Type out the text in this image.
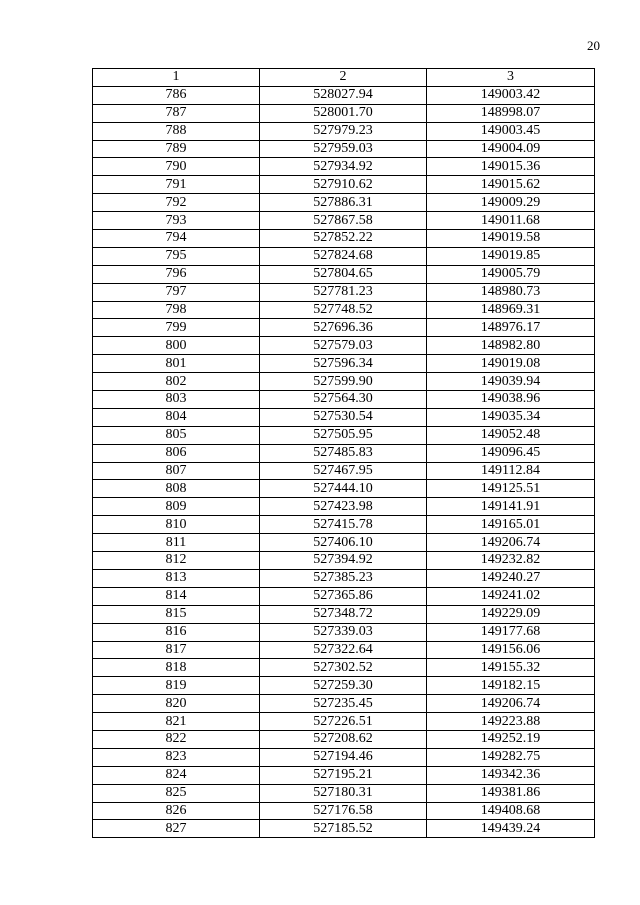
20
1	2	3
786	528027.94	149003.42
787	528001.70	148998.07
788	527979.23	149003.45
789	527959.03	149004.09
790	527934.92	149015.36
791	527910.62	149015.62
792	527886.31	149009.29
793	527867.58	149011.68
794	527852.22	149019.58
795	527824.68	149019.85
796	527804.65	149005.79
797	527781.23	148980.73
798	527748.52	148969.31
799	527696.36	148976.17
800	527579.03	148982.80
801	527596.34	149019.08
802	527599.90	149039.94
803	527564.30	149038.96
804	527530.54	149035.34
805	527505.95	149052.48
806	527485.83	149096.45
807	527467.95	149112.84
808	527444.10	149125.51
809	527423.98	149141.91
810	527415.78	149165.01
811	527406.10	149206.74
812	527394.92	149232.82
813	527385.23	149240.27
814	527365.86	149241.02
815	527348.72	149229.09
816	527339.03	149177.68
817	527322.64	149156.06
818	527302.52	149155.32
819	527259.30	149182.15
820	527235.45	149206.74
821	527226.51	149223.88
822	527208.62	149252.19
823	527194.46	149282.75
824	527195.21	149342.36
825	527180.31	149381.86
826	527176.58	149408.68
827	527185.52	149439.24
